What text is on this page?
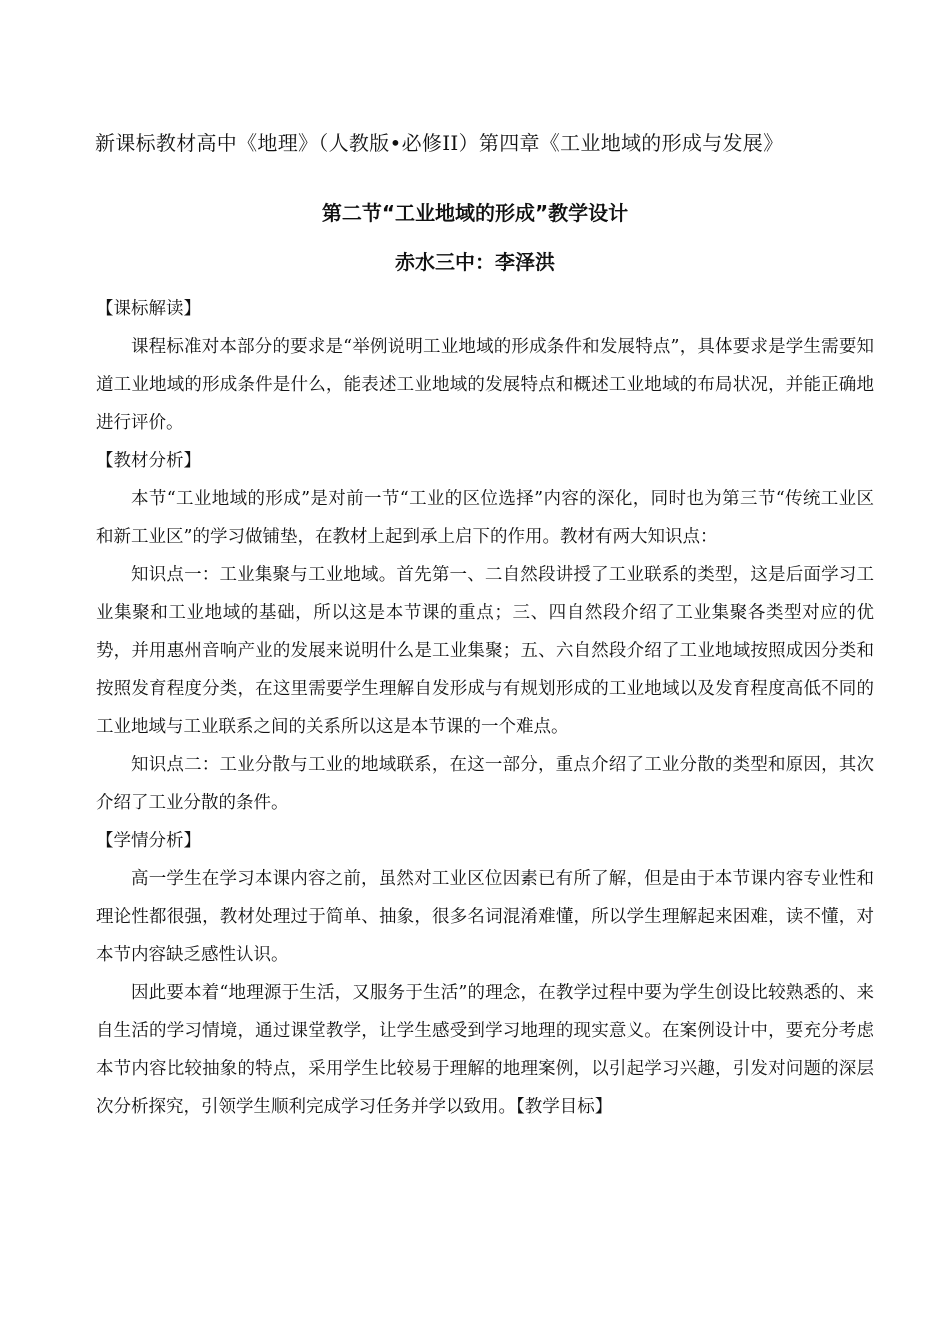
新课标教材高中《地理》（人教版•必修II）第四章《工业地域的形成与发展》
第二节“工业地域的形成”教学设计
赤水三中：李泽洪
【课标解读】

课程标准对本部分的要求是“举例说明工业地域的形成条件和发展特点”，具体要求是学生需要知道工业地域的形成条件是什么，能表述工业地域的发展特点和概述工业地域的布局状况，并能正确地进行评价。

【教材分析】

本节“工业地域的形成”是对前一节“工业的区位选择”内容的深化，同时也为第三节“传统工业区和新工业区”的学习做铺垫，在教材上起到承上启下的作用。教材有两大知识点：

知识点一：工业集聚与工业地域。首先第一、二自然段讲授了工业联系的类型，这是后面学习工业集聚和工业地域的基础，所以这是本节课的重点；三、四自然段介绍了工业集聚各类型对应的优势，并用惠州音响产业的发展来说明什么是工业集聚；五、六自然段介绍了工业地域按照成因分类和按照发育程度分类，在这里需要学生理解自发形成与有规划形成的工业地域以及发育程度高低不同的工业地域与工业联系之间的关系所以这是本节课的一个难点。

知识点二：工业分散与工业的地域联系，在这一部分，重点介绍了工业分散的类型和原因，其次介绍了工业分散的条件。

【学情分析】

高一学生在学习本课内容之前，虽然对工业区位因素已有所了解，但是由于本节课内容专业性和理论性都很强，教材处理过于简单、抽象，很多名词混淆难懂，所以学生理解起来困难，读不懂，对本节内容缺乏感性认识。

因此要本着“地理源于生活，又服务于生活”的理念，在教学过程中要为学生创设比较熟悉的、来自生活的学习情境，通过课堂教学，让学生感受到学习地理的现实意义。在案例设计中，要充分考虑本节内容比较抽象的特点，采用学生比较易于理解的地理案例，以引起学习兴趣，引发对问题的深层次分析探究，引领学生顺利完成学习任务并学以致用。【教学目标】
